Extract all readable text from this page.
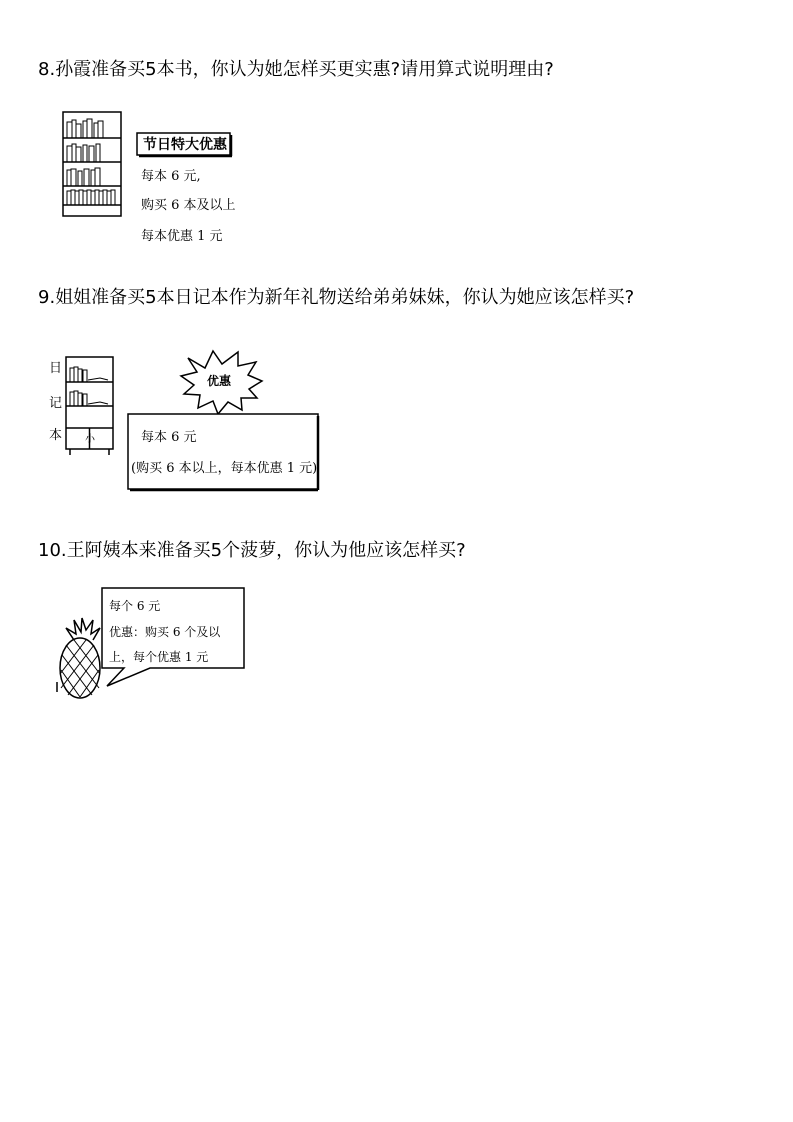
8.孙霞准备买5本书，你认为她怎样买更实惠?请用算式说明理由?
节日特大优惠
每本 6 元,
购买 6 本及以上
每本优惠 1 元
9.姐姐准备买5本日记本作为新年礼物送给弟弟妹妹，你认为她应该怎样买?
日
记
本 小
优惠
每本 6 元
(购买 6 本以上，每本优惠 1 元)
10.王阿姨本来准备买5个菠萝，你认为他应该怎样买?
每个 6 元
优惠：购买 6 个及以
上，每个优惠 1 元
